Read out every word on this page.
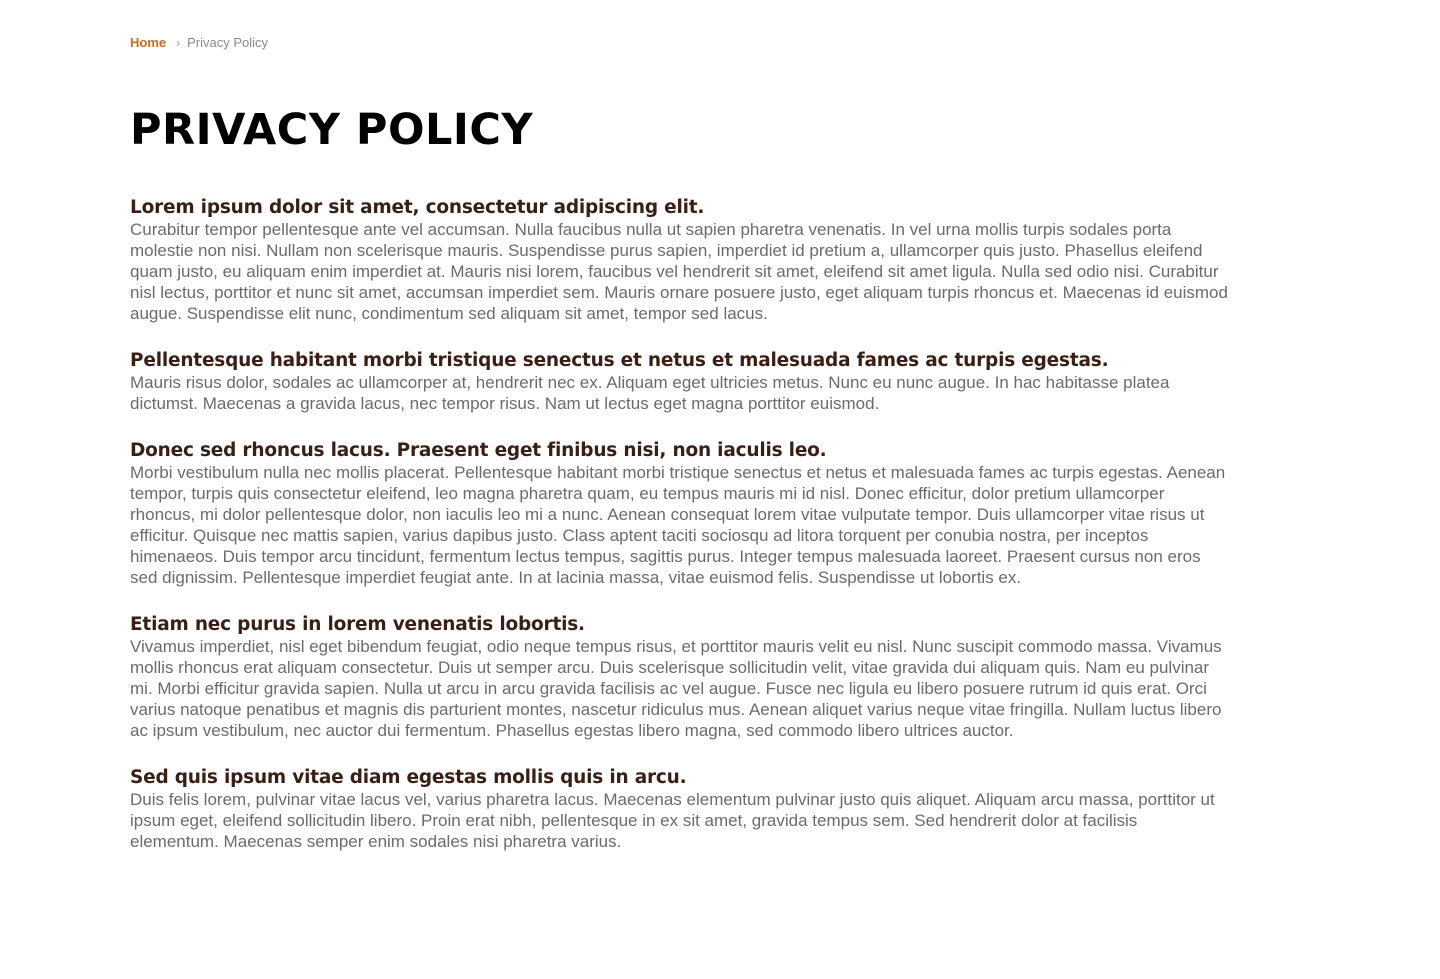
Home › Privacy Policy
PRIVACY POLICY
Lorem ipsum dolor sit amet, consectetur adipiscing elit.

Curabitur tempor pellentesque ante vel accumsan. Nulla faucibus nulla ut sapien pharetra venenatis. In vel urna mollis turpis sodales porta molestie non nisi. Nullam non scelerisque mauris. Suspendisse purus sapien, imperdiet id pretium a, ullamcorper quis justo. Phasellus eleifend quam justo, eu aliquam enim imperdiet at. Mauris nisi lorem, faucibus vel hendrerit sit amet, eleifend sit amet ligula. Nulla sed odio nisi. Curabitur nisl lectus, porttitor et nunc sit amet, accumsan imperdiet sem. Mauris ornare posuere justo, eget aliquam turpis rhoncus et. Maecenas id euismod augue. Suspendisse elit nunc, condimentum sed aliquam sit amet, tempor sed lacus.

Pellentesque habitant morbi tristique senectus et netus et malesuada fames ac turpis egestas.

Mauris risus dolor, sodales ac ullamcorper at, hendrerit nec ex. Aliquam eget ultricies metus. Nunc eu nunc augue. In hac habitasse platea dictumst. Maecenas a gravida lacus, nec tempor risus. Nam ut lectus eget magna porttitor euismod.

Donec sed rhoncus lacus. Praesent eget finibus nisi, non iaculis leo.

Morbi vestibulum nulla nec mollis placerat. Pellentesque habitant morbi tristique senectus et netus et malesuada fames ac turpis egestas. Aenean tempor, turpis quis consectetur eleifend, leo magna pharetra quam, eu tempus mauris mi id nisl. Donec efficitur, dolor pretium ullamcorper rhoncus, mi dolor pellentesque dolor, non iaculis leo mi a nunc. Aenean consequat lorem vitae vulputate tempor. Duis ullamcorper vitae risus ut efficitur. Quisque nec mattis sapien, varius dapibus justo. Class aptent taciti sociosqu ad litora torquent per conubia nostra, per inceptos himenaeos. Duis tempor arcu tincidunt, fermentum lectus tempus, sagittis purus. Integer tempus malesuada laoreet. Praesent cursus non eros sed dignissim. Pellentesque imperdiet feugiat ante. In at lacinia massa, vitae euismod felis. Suspendisse ut lobortis ex.

Etiam nec purus in lorem venenatis lobortis.

Vivamus imperdiet, nisl eget bibendum feugiat, odio neque tempus risus, et porttitor mauris velit eu nisl. Nunc suscipit commodo massa. Vivamus mollis rhoncus erat aliquam consectetur. Duis ut semper arcu. Duis scelerisque sollicitudin velit, vitae gravida dui aliquam quis. Nam eu pulvinar mi. Morbi efficitur gravida sapien. Nulla ut arcu in arcu gravida facilisis ac vel augue. Fusce nec ligula eu libero posuere rutrum id quis erat. Orci varius natoque penatibus et magnis dis parturient montes, nascetur ridiculus mus. Aenean aliquet varius neque vitae fringilla. Nullam luctus libero ac ipsum vestibulum, nec auctor dui fermentum. Phasellus egestas libero magna, sed commodo libero ultrices auctor.

Sed quis ipsum vitae diam egestas mollis quis in arcu.

Duis felis lorem, pulvinar vitae lacus vel, varius pharetra lacus. Maecenas elementum pulvinar justo quis aliquet. Aliquam arcu massa, porttitor ut ipsum eget, eleifend sollicitudin libero. Proin erat nibh, pellentesque in ex sit amet, gravida tempus sem. Sed hendrerit dolor at facilisis elementum. Maecenas semper enim sodales nisi pharetra varius.
